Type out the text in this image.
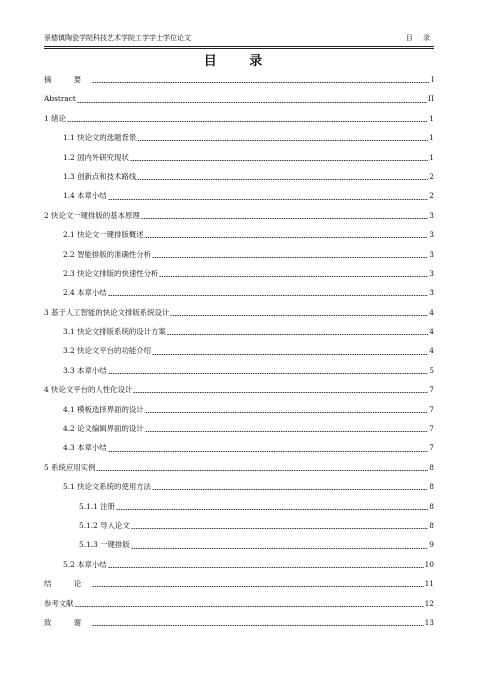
景德镇陶瓷学院科技艺术学院工学学士学位论文	目 录
目 录
摘 要	I
Abstract	II
1 绪论	1
1.1 快论文的选题背景	1
1.2 国内外研究现状	1
1.3 创新点和技术路线	2
1.4 本章小结	2
2 快论文一键排版的基本原理	3
2.1 快论文一键排版概述	3
2.2 智能排版的准确性分析	3
2.3 快论文排版的快速性分析	3
2.4 本章小结	3
3 基于人工智能的快论文排版系统设计	4
3.1 快论文排版系统的设计方案	4
3.2 快论文平台的功能介绍	4
3.3 本章小结	5
4 快论文平台的人性化设计	7
4.1 模板选择界面的设计	7
4.2 论文编辑界面的设计	7
4.3 本章小结	7
5 系统应用实例	8
5.1 快论文系统的使用方法	8
5.1.1 注册	8
5.1.2 导入论文	8
5.1.3 一键排版	9
5.2 本章小结	10
结 论	11
参考文献	12
致 谢	13
